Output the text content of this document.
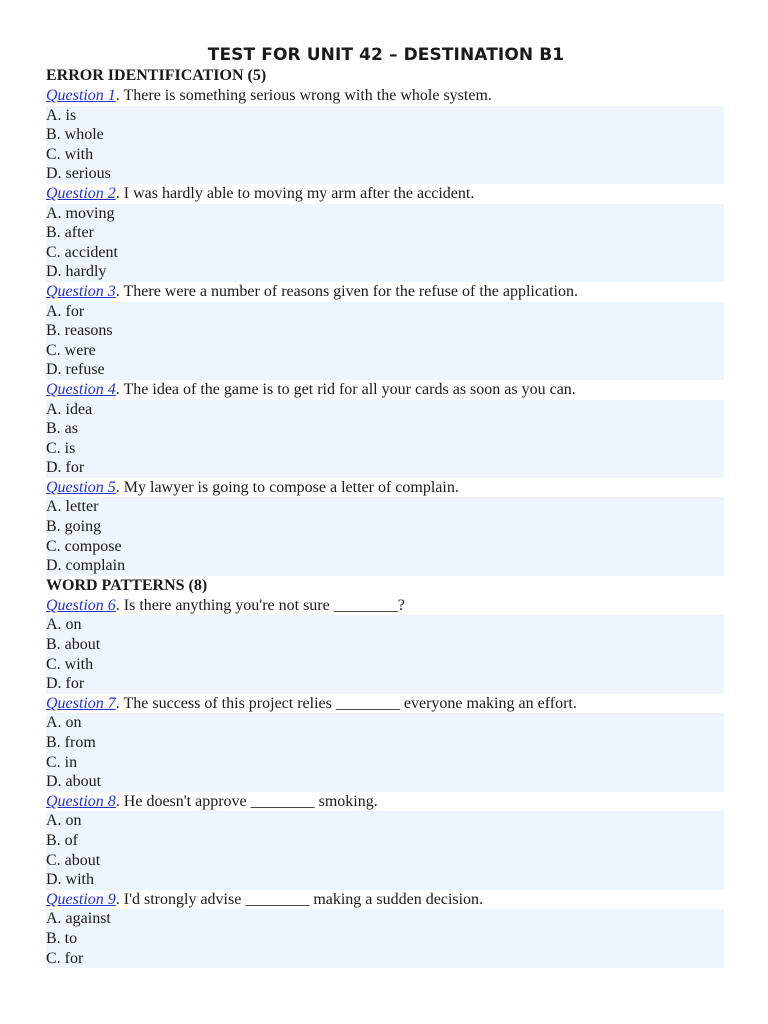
TEST FOR UNIT 42 – DESTINATION B1
ERROR IDENTIFICATION (5)
Question 1. There is something serious wrong with the whole system.
A. is
B. whole
C. with
D. serious
Question 2. I was hardly able to moving my arm after the accident.
A. moving
B. after
C. accident
D. hardly
Question 3. There were a number of reasons given for the refuse of the application.
A. for
B. reasons
C. were
D. refuse
Question 4. The idea of the game is to get rid for all your cards as soon as you can.
A. idea
B. as
C. is
D. for
Question 5. My lawyer is going to compose a letter of complain.
A. letter
B. going
C. compose
D. complain
WORD PATTERNS (8)
Question 6. Is there anything you're not sure ________?
A. on
B. about
C. with
D. for
Question 7. The success of this project relies ________ everyone making an effort.
A. on
B. from
C. in
D. about
Question 8. He doesn't approve ________ smoking.
A. on
B. of
C. about
D. with
Question 9. I'd strongly advise ________ making a sudden decision.
A. against
B. to
C. for
